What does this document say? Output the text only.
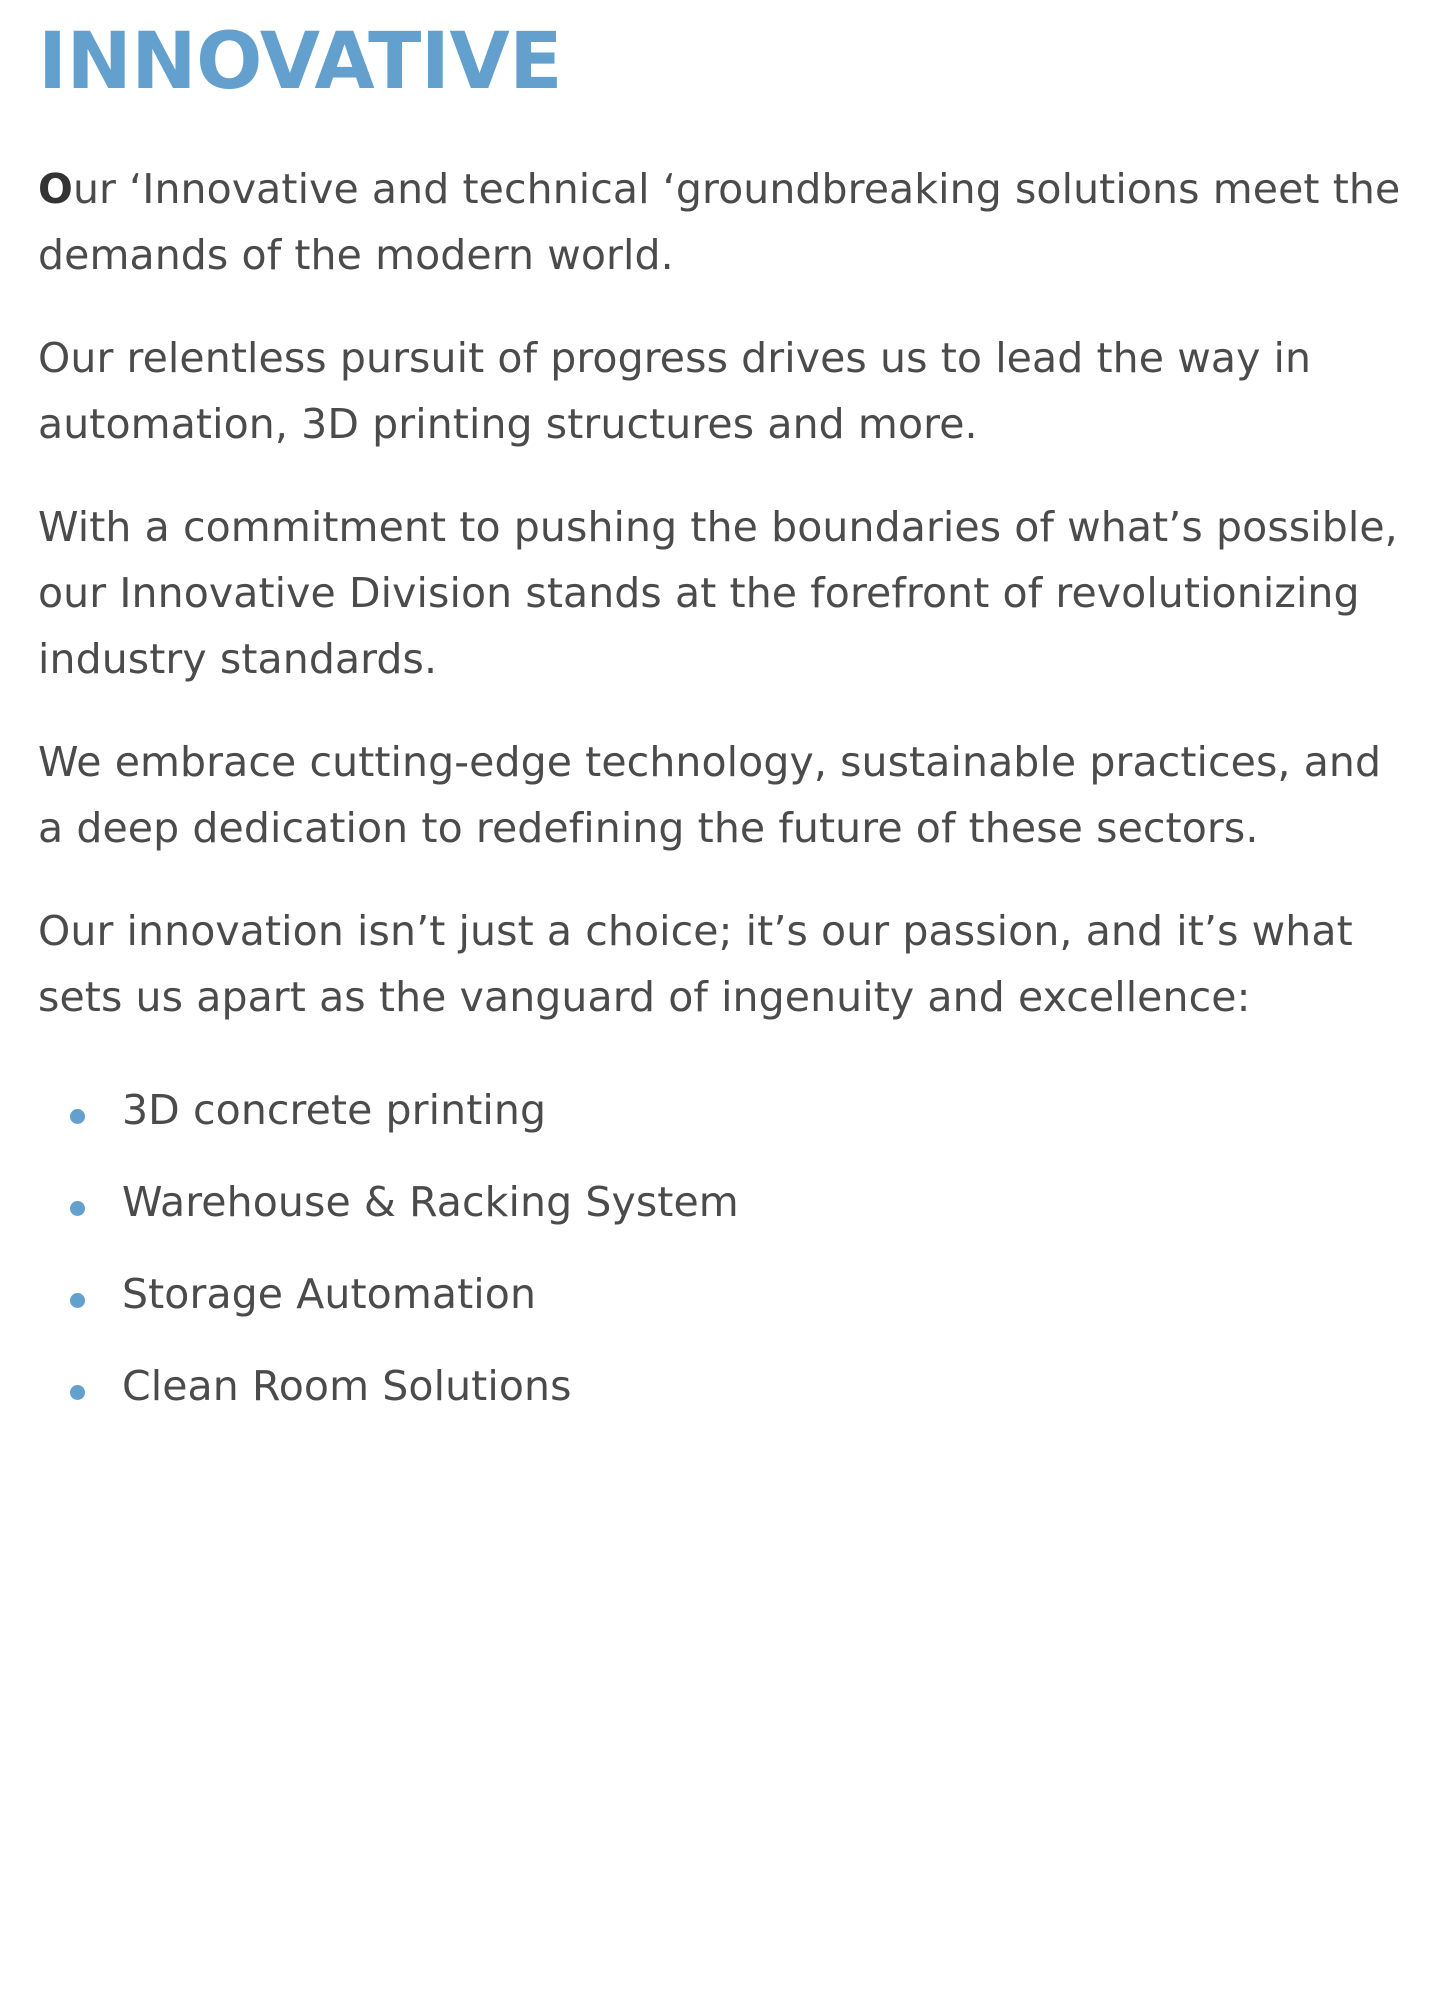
INNOVATIVE

Our ‘Innovative and technical ‘groundbreaking solutions meet the demands of the modern world.

Our relentless pursuit of progress drives us to lead the way in automation, 3D printing structures and more.

With a commitment to pushing the boundaries of what’s possible, our Innovative Division stands at the forefront of revolutionizing industry standards.

We embrace cutting-edge technology, sustainable practices, and a deep dedication to redefining the future of these sectors.

Our innovation isn’t just a choice; it’s our passion, and it’s what sets us apart as the vanguard of ingenuity and excellence:

3D concrete printing
Warehouse & Racking System
Storage Automation
Clean Room Solutions
